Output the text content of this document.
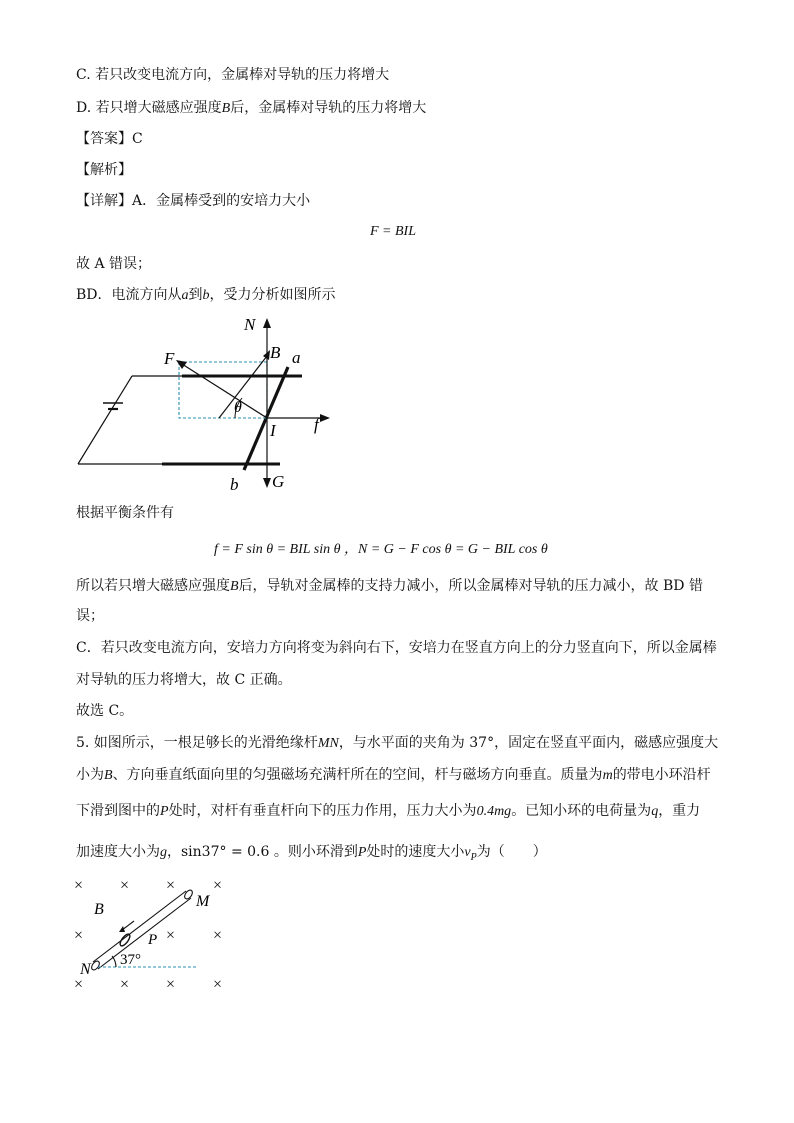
C. 若只改变电流方向，金属棒对导轨的压力将增大
D. 若只增大磁感应强度B后，金属棒对导轨的压力将增大
【答案】C
【解析】
【详解】A．金属棒受到的安培力大小
F = BIL
故 A 错误；
BD．电流方向从a到b，受力分析如图所示
N
B a
F
θ
f
I
b G
根据平衡条件有
f = F sin θ = BIL sin θ ，N = G − F cos θ = G − BIL cos θ
所以若只增大磁感应强度B后，导轨对金属棒的支持力减小，所以金属棒对导轨的压力减小，故 BD 错
误；
C．若只改变电流方向，安培力方向将变为斜向右下，安培力在竖直方向上的分力竖直向下，所以金属棒
对导轨的压力将增大，故 C 正确。
故选 C。
5. 如图所示，一根足够长的光滑绝缘杆MN，与水平面的夹角为 37°，固定在竖直平面内，磁感应强度大
小为B、方向垂直纸面向里的匀强磁场充满杆所在的空间，杆与磁场方向垂直。质量为m的带电小环沿杆
下滑到图中的P处时，对杆有垂直杆向下的压力作用，压力大小为0.4mg。已知小环的电荷量为q，重力
加速度大小为g，sin37° = 0.6 。则小环滑到P处时的速度大小$v_P$为（　　）
× × × ×
×	× ×
× × × ×
B	M
P
N
37°
